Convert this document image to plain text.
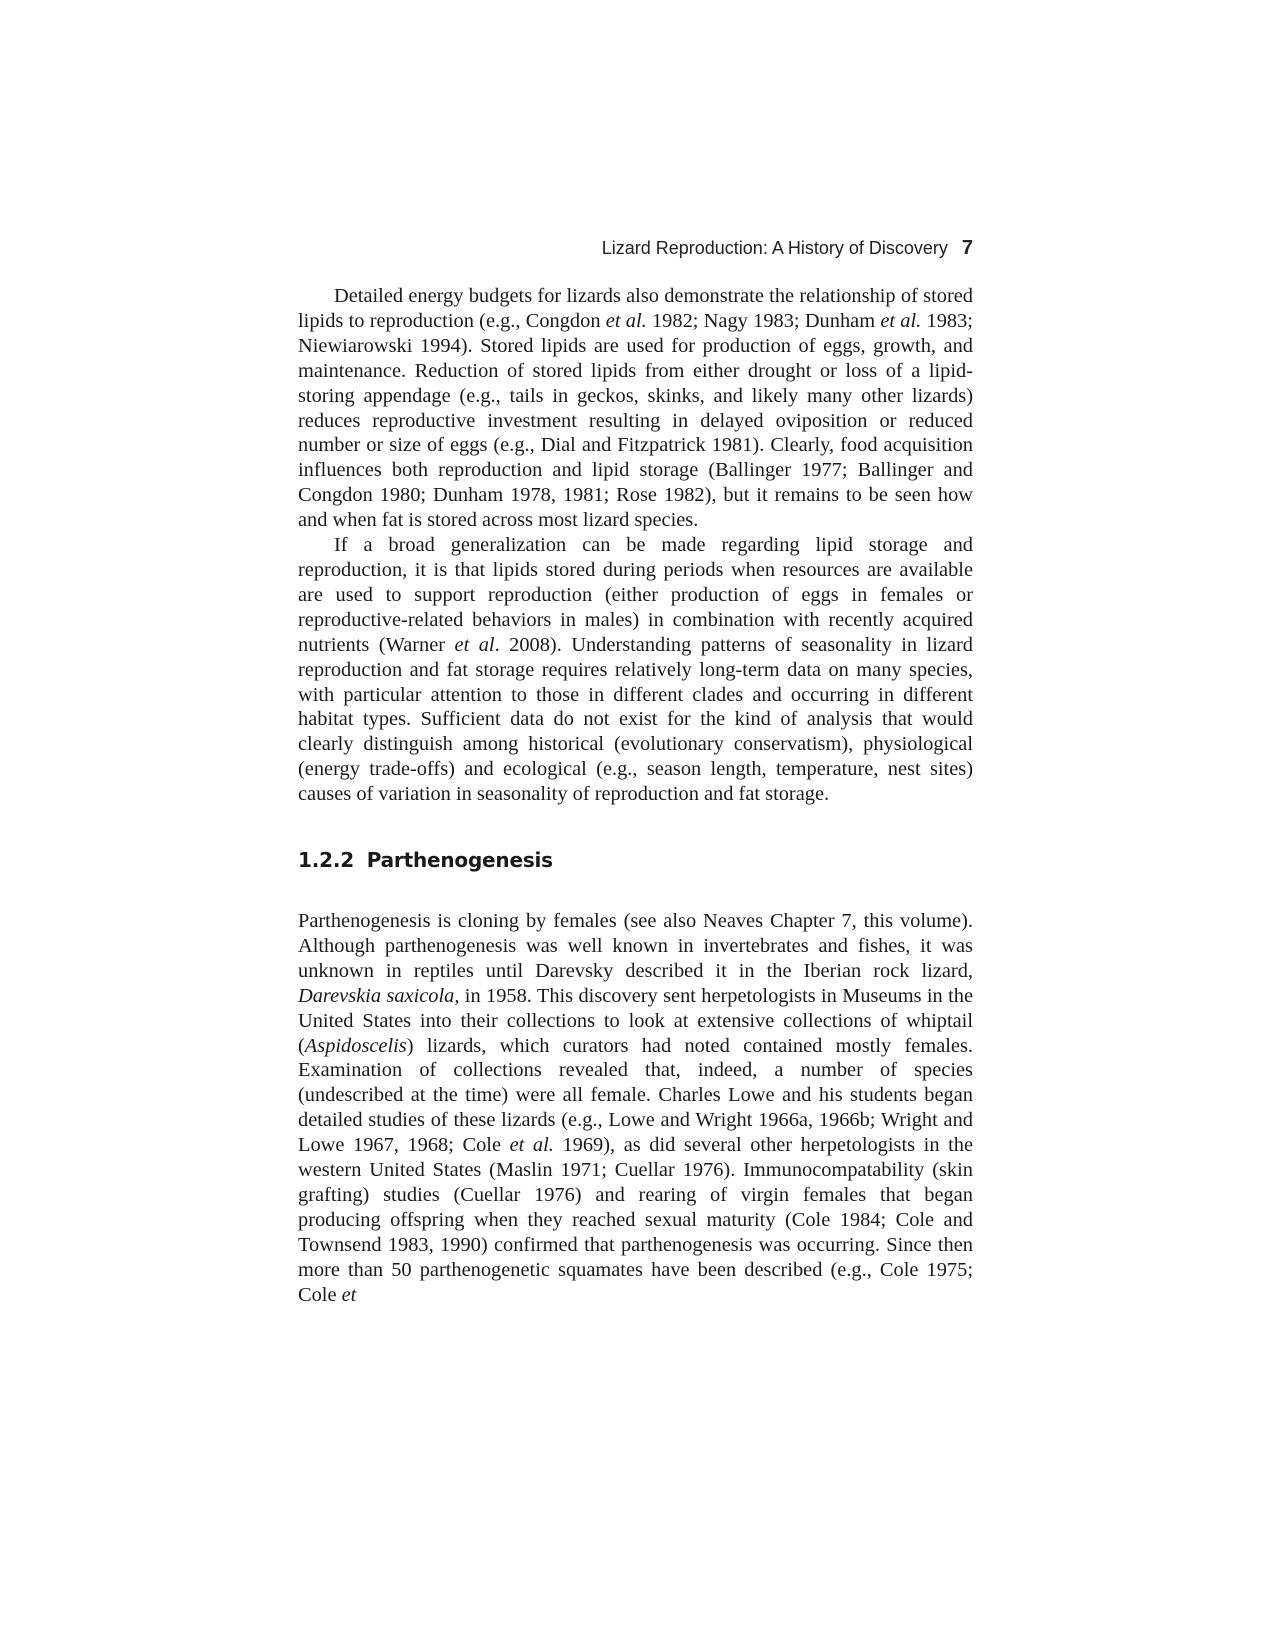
Lizard Reproduction: A History of Discovery 7

Detailed energy budgets for lizards also demonstrate the relationship of stored lipids to reproduction (e.g., Congdon et al. 1982; Nagy 1983; Dunham et al. 1983; Niewiarowski 1994). Stored lipids are used for production of eggs, growth, and maintenance. Reduction of stored lipids from either drought or loss of a lipid-storing appendage (e.g., tails in geckos, skinks, and likely many other lizards) reduces reproductive investment resulting in delayed oviposition or reduced number or size of eggs (e.g., Dial and Fitzpatrick 1981). Clearly, food acquisition influences both reproduction and lipid storage (Ballinger 1977; Ballinger and Congdon 1980; Dunham 1978, 1981; Rose 1982), but it remains to be seen how and when fat is stored across most lizard species.

If a broad generalization can be made regarding lipid storage and reproduction, it is that lipids stored during periods when resources are available are used to support reproduction (either production of eggs in females or reproductive-related behaviors in males) in combination with recently acquired nutrients (Warner et al. 2008). Understanding patterns of seasonality in lizard reproduction and fat storage requires relatively long-term data on many species, with particular attention to those in different clades and occurring in different habitat types. Sufficient data do not exist for the kind of analysis that would clearly distinguish among historical (evolutionary conservatism), physiological (energy trade-offs) and ecological (e.g., season length, temperature, nest sites) causes of variation in seasonality of reproduction and fat storage.

1.2.2 Parthenogenesis

Parthenogenesis is cloning by females (see also Neaves Chapter 7, this volume). Although parthenogenesis was well known in invertebrates and fishes, it was unknown in reptiles until Darevsky described it in the Iberian rock lizard, Darevskia saxicola, in 1958. This discovery sent herpetologists in Museums in the United States into their collections to look at extensive collections of whiptail (Aspidoscelis) lizards, which curators had noted contained mostly females. Examination of collections revealed that, indeed, a number of species (undescribed at the time) were all female. Charles Lowe and his students began detailed studies of these lizards (e.g., Lowe and Wright 1966a, 1966b; Wright and Lowe 1967, 1968; Cole et al. 1969), as did several other herpetologists in the western United States (Maslin 1971; Cuellar 1976). Immunocompatability (skin grafting) studies (Cuellar 1976) and rearing of virgin females that began producing offspring when they reached sexual maturity (Cole 1984; Cole and Townsend 1983, 1990) confirmed that parthenogenesis was occurring. Since then more than 50 parthenogenetic squamates have been described (e.g., Cole 1975; Cole et
